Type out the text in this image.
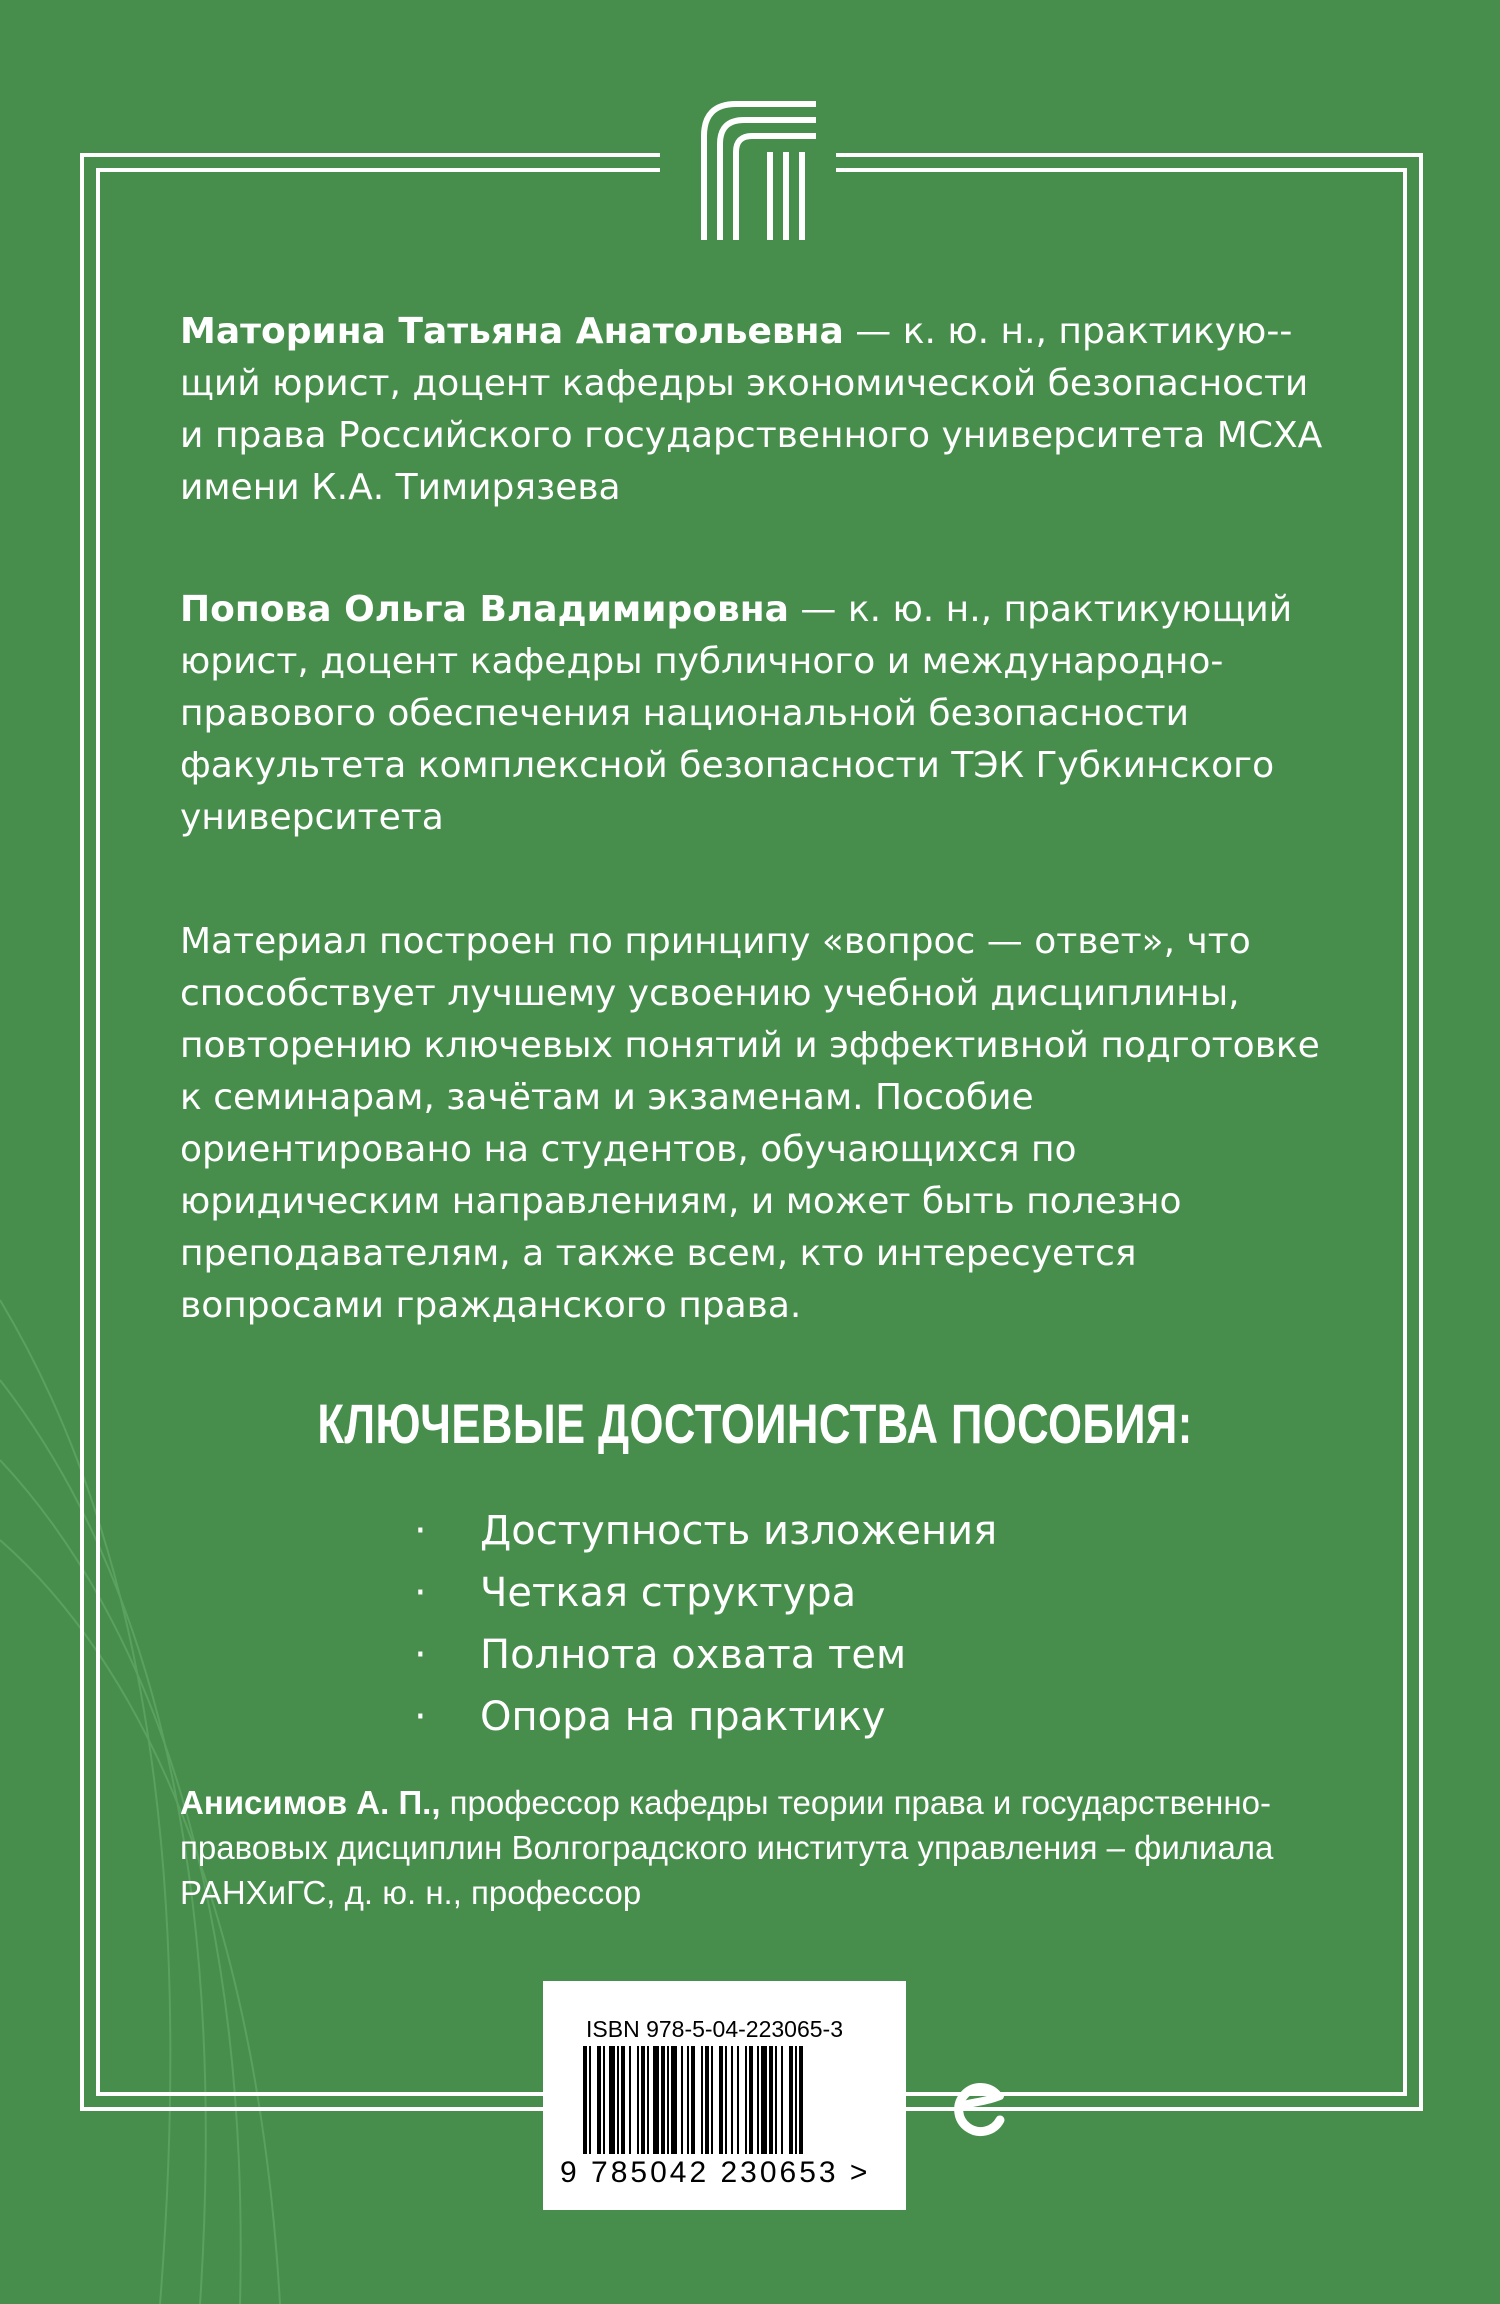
Маторина Татьяна Анатольевна — к. ю. н., практикую-щий юрист, доцент кафедры экономической безопасности и права Российского государственного университета МСХА имени К.А. Тимирязева

Попова Ольга Владимировна — к. ю. н., практикующий юрист, доцент кафедры публичного и международно-правового обеспечения национальной безопасности факультета комплексной безопасности ТЭК Губкинского университета

Материал построен по принципу «вопрос — ответ», что способствует лучшему усвоению учебной дисциплины, повторению ключевых понятий и эффективной подготовке к семинарам, зачётам и экзаменам. Пособие ориентировано на студентов, обучающихся по юридическим направлениям, и может быть полезно преподавателям, а также всем, кто интересуется вопросами гражданского права.

КЛЮЧЕВЫЕ ДОСТОИНСТВА ПОСОБИЯ:
· Доступность изложения
· Четкая структура
· Полнота охвата тем
· Опора на практику

Анисимов А. П., профессор кафедры теории права и государственно-правовых дисциплин Волгоградского института управления – филиала РАНХиГС, д. ю. н., профессор

ISBN 978-5-04-223065-3
9 785042 230653 >
